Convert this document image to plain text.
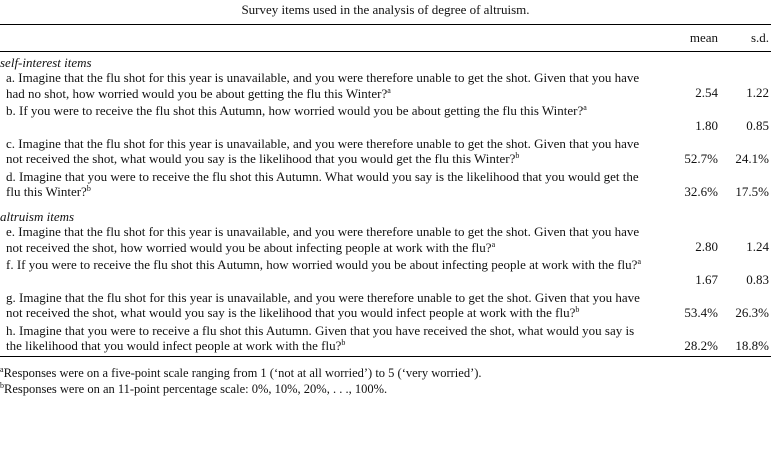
Survey items used in the analysis of degree of altruism.
	mean	s.d.
self-interest items		
a. Imagine that the flu shot for this year is unavailable, and you were therefore unable to get the shot. Given that you have had no shot, how worried would you be about getting the flu this Winter?$^a$	2.54	1.22
b. If you were to receive the flu shot this Autumn, how worried would you be about getting the flu this Winter?$^a$	1.80	0.85
c. Imagine that the flu shot for this year is unavailable, and you were therefore unable to get the shot. Given that you have not received the shot, what would you say is the likelihood that you would get the flu this Winter?$^b$	52.7%	24.1%
d. Imagine that you were to receive the flu shot this Autumn. What would you say is the likelihood that you would get the flu this Winter?$^b$	32.6%	17.5%

altruism items		
e. Imagine that the flu shot for this year is unavailable, and you were therefore unable to get the shot. Given that you have not received the shot, how worried would you be about infecting people at work with the flu?$^a$	2.80	1.24
f. If you were to receive the flu shot this Autumn, how worried would you be about infecting people at work with the flu?$^a$	1.67	0.83
g. Imagine that the flu shot for this year is unavailable, and you were therefore unable to get the shot. Given that you have not received the shot, what would you say is the likelihood that you would infect people at work with the flu?$^b$	53.4%	26.3%
h. Imagine that you were to receive a flu shot this Autumn. Given that you have received the shot, what would you say is the likelihood that you would infect people at work with the flu?$^b$	28.2%	18.8%
$^a$Responses were on a five-point scale ranging from 1 (‘not at all worried’) to 5 (‘very worried’).
$^b$Responses were on an 11-point percentage scale: 0%, 10%, 20%, . . ., 100%.
